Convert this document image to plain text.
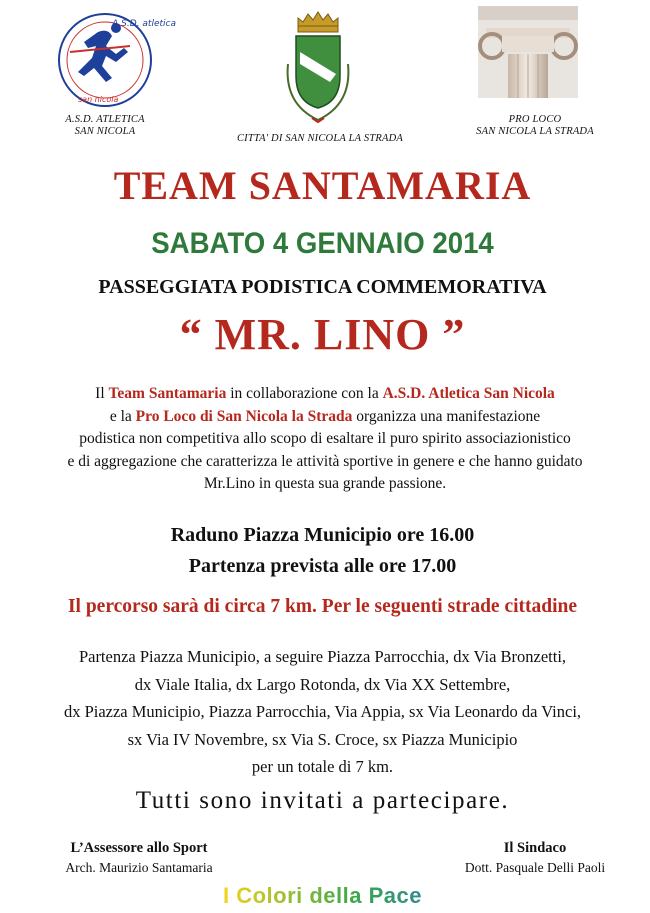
A.S.D. atletica
san nicola
A.S.D. ATLETICA
SAN NICOLA
CITTA' DI SAN NICOLA LA STRADA
PRO LOCO
SAN NICOLA LA STRADA
TEAM SANTAMARIA
SABATO 4 GENNAIO 2014
PASSEGGIATA PODISTICA COMMEMORATIVA
“ MR. LINO ”
Il Team Santamaria in collaborazione con la A.S.D. Atletica San Nicola
e la Pro Loco di San Nicola la Strada organizza una manifestazione
podistica non competitiva allo scopo di esaltare il puro spirito associazionistico
e di aggregazione che caratterizza le attività sportive in genere e che hanno guidato
Mr.Lino in questa sua grande passione.
Raduno Piazza Municipio ore 16.00
Partenza prevista alle ore 17.00
Il percorso sarà di circa 7 km. Per le seguenti strade cittadine
Partenza Piazza Municipio, a seguire Piazza Parrocchia, dx Via Bronzetti,
dx Viale Italia, dx Largo Rotonda, dx Via XX Settembre,
dx Piazza Municipio, Piazza Parrocchia, Via Appia, sx Via Leonardo da Vinci,
sx Via IV Novembre, sx Via S. Croce, sx Piazza Municipio
per un totale di 7 km.
Tutti sono invitati a partecipare.
L’Assessore allo Sport
Arch. Maurizio Santamaria
Il Sindaco
Dott. Pasquale Delli Paoli
I Colori della Pace
